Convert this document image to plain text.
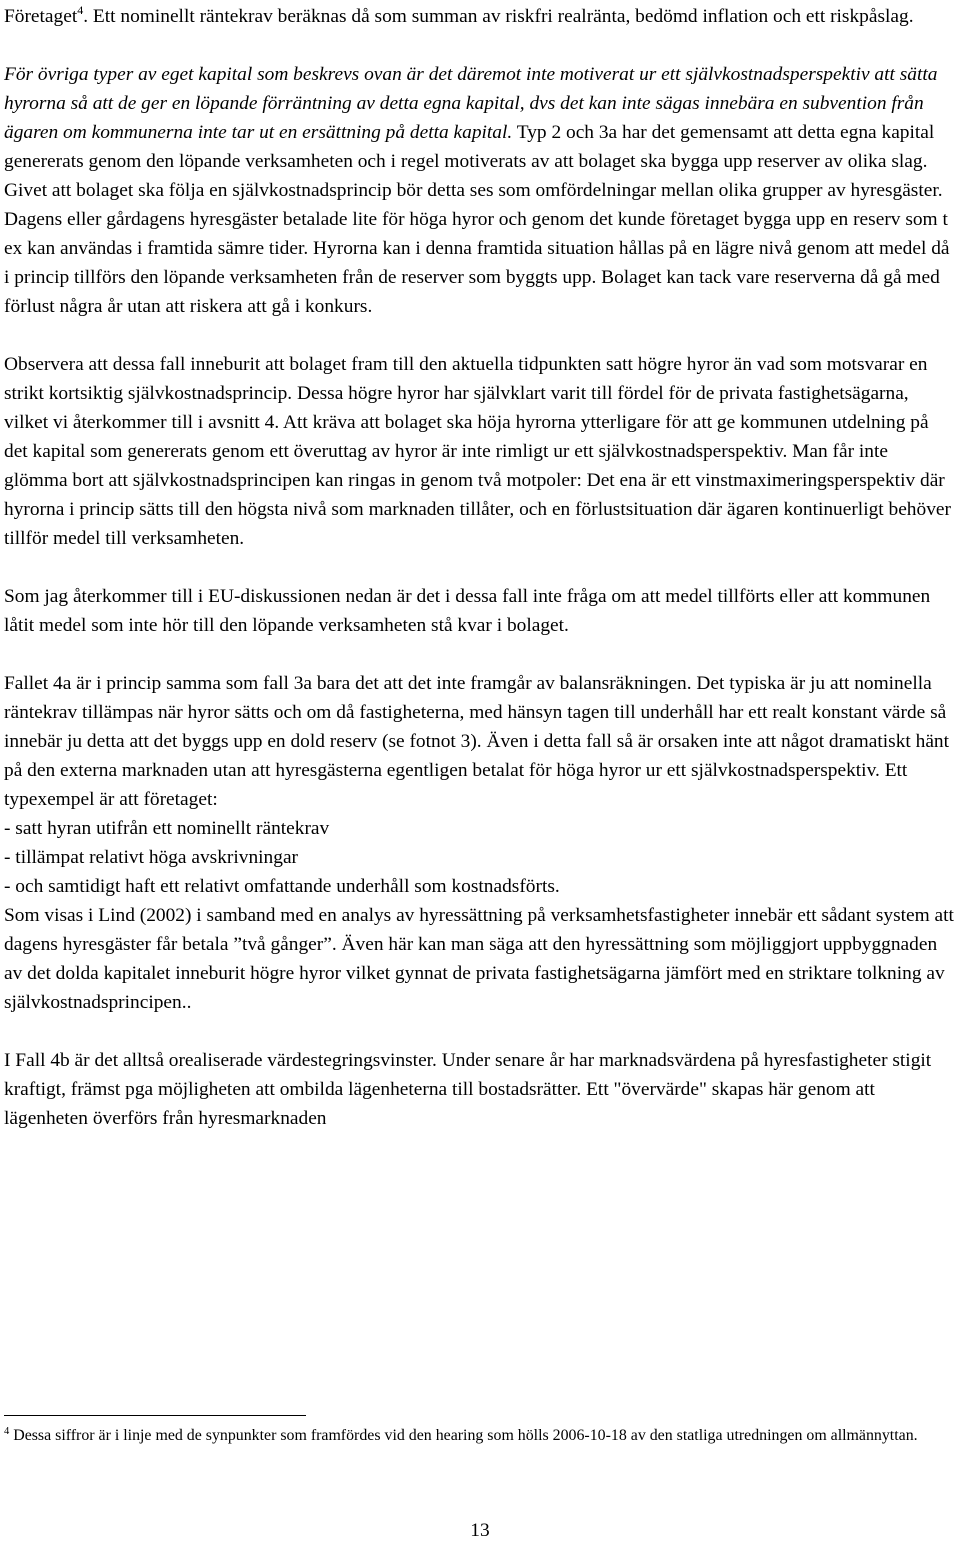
Företaget$^4$. Ett nominellt räntekrav beräknas då som summan av riskfri realränta, bedömd inflation och ett riskpåslag.

För övriga typer av eget kapital som beskrevs ovan är det däremot inte motiverat ur ett självkostnadsperspektiv att sätta hyrorna så att de ger en löpande förräntning av detta egna kapital, dvs det kan inte sägas innebära en subvention från ägaren om kommunerna inte tar ut en ersättning på detta kapital. Typ 2 och 3a har det gemensamt att detta egna kapital genererats genom den löpande verksamheten och i regel motiverats av att bolaget ska bygga upp reserver av olika slag. Givet att bolaget ska följa en självkostnadsprincip bör detta ses som omfördelningar mellan olika grupper av hyresgäster. Dagens eller gårdagens hyresgäster betalade lite för höga hyror och genom det kunde företaget bygga upp en reserv som t ex kan användas i framtida sämre tider. Hyrorna kan i denna framtida situation hållas på en lägre nivå genom att medel då i princip tillförs den löpande verksamheten från de reserver som byggts upp. Bolaget kan tack vare reserverna då gå med förlust några år utan att riskera att gå i konkurs.

Observera att dessa fall inneburit att bolaget fram till den aktuella tidpunkten satt högre hyror än vad som motsvarar en strikt kortsiktig självkostnadsprincip. Dessa högre hyror har självklart varit till fördel för de privata fastighetsägarna, vilket vi återkommer till i avsnitt 4. Att kräva att bolaget ska höja hyrorna ytterligare för att ge kommunen utdelning på det kapital som genererats genom ett överuttag av hyror är inte rimligt ur ett självkostnadsperspektiv. Man får inte glömma bort att självkostnadsprincipen kan ringas in genom två motpoler: Det ena är ett vinstmaximeringsperspektiv där hyrorna i princip sätts till den högsta nivå som marknaden tillåter, och en förlustsituation där ägaren kontinuerligt behöver tillför medel till verksamheten.

Som jag återkommer till i EU-diskussionen nedan är det i dessa fall inte fråga om att medel tillförts eller att kommunen låtit medel som inte hör till den löpande verksamheten stå kvar i bolaget.

Fallet 4a är i princip samma som fall 3a bara det att det inte framgår av balansräkningen. Det typiska är ju att nominella räntekrav tillämpas när hyror sätts och om då fastigheterna, med hänsyn tagen till underhåll har ett realt konstant värde så innebär ju detta att det byggs upp en dold reserv (se fotnot 3). Även i detta fall så är orsaken inte att något dramatiskt hänt på den externa marknaden utan att hyresgästerna egentligen betalat för höga hyror ur ett självkostnadsperspektiv. Ett typexempel är att företaget:

- satt hyran utifrån ett nominellt räntekrav
- tillämpat relativt höga avskrivningar
- och samtidigt haft ett relativt omfattande underhåll som kostnadsförts.

Som visas i Lind (2002) i samband med en analys av hyressättning på verksamhetsfastigheter innebär ett sådant system att dagens hyresgäster får betala ”två gånger”. Även här kan man säga att den hyressättning som möjliggjort uppbyggnaden av det dolda kapitalet inneburit högre hyror vilket gynnat de privata fastighetsägarna jämfört med en striktare tolkning av självkostnadsprincipen..

I Fall 4b är det alltså orealiserade värdestegringsvinster. Under senare år har marknadsvärdena på hyresfastigheter stigit kraftigt, främst pga möjligheten att ombilda lägenheterna till bostadsrätter. Ett "övervärde" skapas här genom att lägenheten överförs från hyresmarknaden

$^4$ Dessa siffror är i linje med de synpunkter som framfördes vid den hearing som hölls 2006-10-18 av den statliga utredningen om allmännyttan.
13
